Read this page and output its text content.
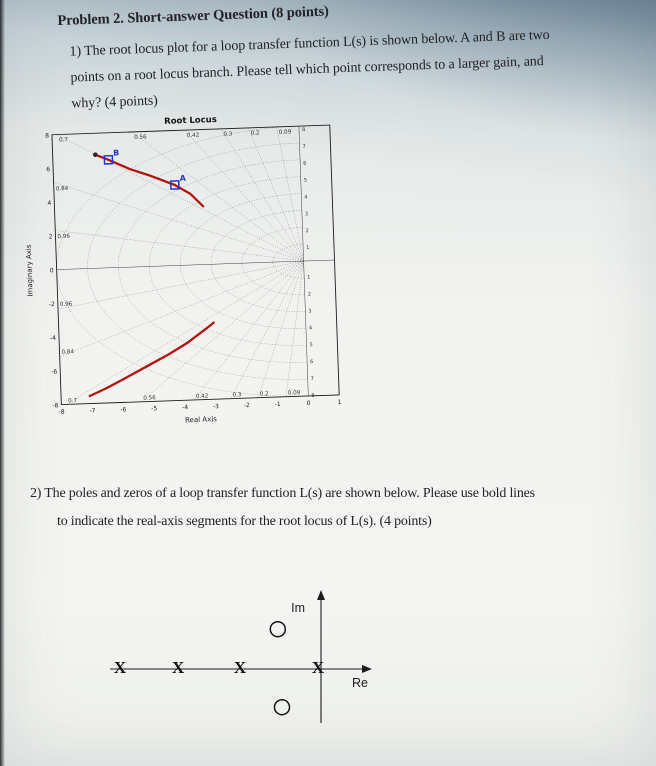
Problem 2. Short-answer Question (8 points)
1) The root locus plot for a loop transfer function L(s) is shown below. A and B are two
points on a root locus branch. Please tell which point corresponds to a larger gain, and
why? (4 points)
0.09
0.09
0.2
0.2
0.3
0.3
0.42
0.42
0.56
0.56
0.7
0.7
0.84
0.84
0.96
0.96
1
1
2
2
3
3
4
4
5
5
6
6
7
7
8
8
-8	-7	-6	-5	-4	-3	-2	-1	0	1
8
6
4
2
0
-2
-4
-6
-8
Root Locus
Real Axis
Imaginary Axis
B
A
2) The poles and zeros of a loop transfer function L(s) are shown below. Please use bold lines
to indicate the real-axis segments for the root locus of L(s). (4 points)
Im
Re
X	X	X	X
